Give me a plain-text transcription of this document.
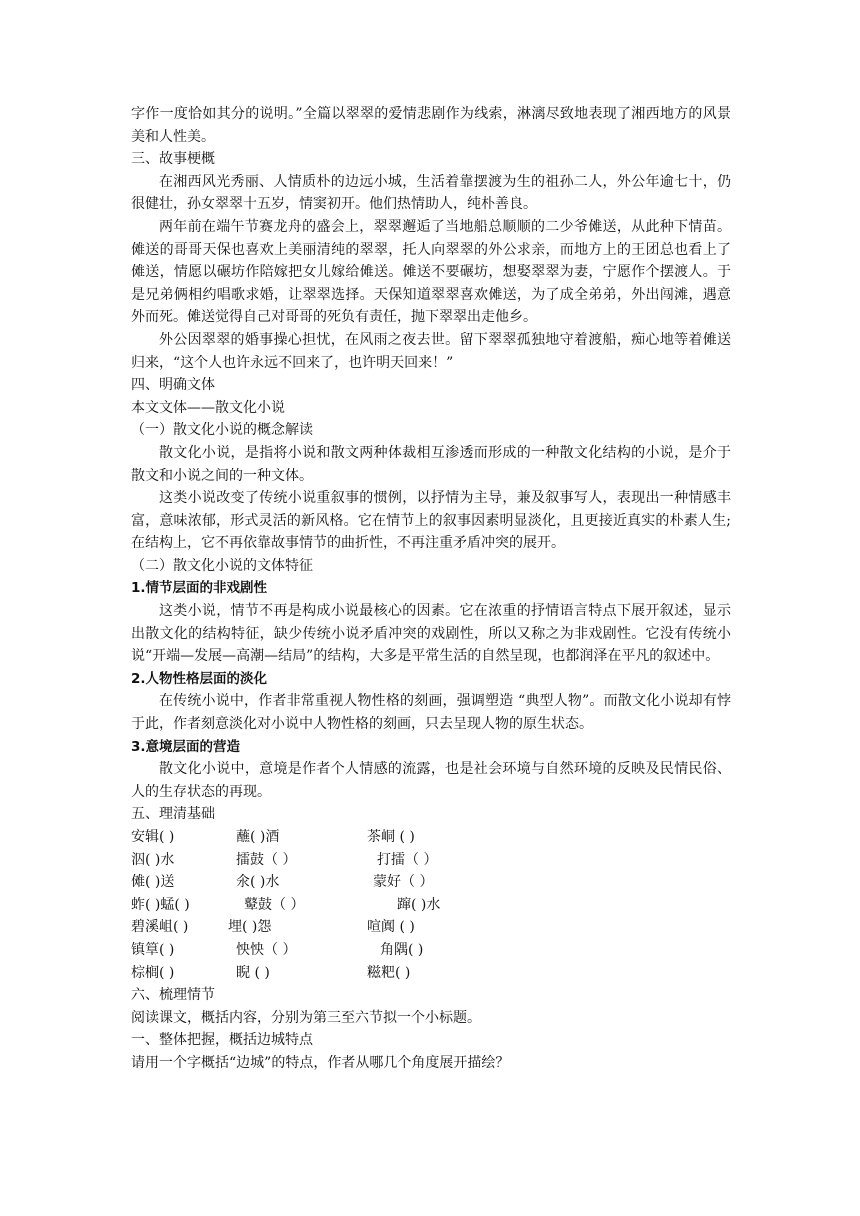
字作一度恰如其分的说明。”全篇以翠翠的爱情悲剧作为线索，淋漓尽致地表现了湘西地方的风景美和人性美。

三、故事梗概

在湘西风光秀丽、人情质朴的边远小城，生活着靠摆渡为生的祖孙二人，外公年逾七十，仍很健壮，孙女翠翠十五岁，情窦初开。他们热情助人，纯朴善良。

两年前在端午节赛龙舟的盛会上，翠翠邂逅了当地船总顺顺的二少爷傩送，从此种下情苗。傩送的哥哥天保也喜欢上美丽清纯的翠翠，托人向翠翠的外公求亲，而地方上的王团总也看上了傩送，情愿以碾坊作陪嫁把女儿嫁给傩送。傩送不要碾坊，想娶翠翠为妻，宁愿作个摆渡人。于是兄弟俩相约唱歌求婚，让翠翠选择。天保知道翠翠喜欢傩送，为了成全弟弟，外出闯滩，遇意外而死。傩送觉得自己对哥哥的死负有责任，抛下翠翠出走他乡。

外公因翠翠的婚事操心担忧，在风雨之夜去世。留下翠翠孤独地守着渡船，痴心地等着傩送归来，“这个人也许永远不回来了，也许明天回来！”

四、明确文体

本文文体——散文化小说

（一）散文化小说的概念解读

散文化小说，是指将小说和散文两种体裁相互渗透而形成的一种散文化结构的小说，是介于散文和小说之间的一种文体。

这类小说改变了传统小说重叙事的惯例，以抒情为主导，兼及叙事写人，表现出一种情感丰富，意味浓郁，形式灵活的新风格。它在情节上的叙事因素明显淡化，且更接近真实的朴素人生;在结构上，它不再依靠故事情节的曲折性，不再注重矛盾冲突的展开。

（二）散文化小说的文体特征

1.情节层面的非戏剧性

这类小说，情节不再是构成小说最核心的因素。它在浓重的抒情语言特点下展开叙述，显示出散文化的结构特征，缺少传统小说矛盾冲突的戏剧性，所以又称之为非戏剧性。它没有传统小说“开端—发展—高潮—结局”的结构，大多是平常生活的自然呈现，也都润泽在平凡的叙述中。

2.人物性格层面的淡化

在传统小说中，作者非常重视人物性格的刻画，强调塑造 “典型人物”。而散文化小说却有悖于此，作者刻意淡化对小说中人物性格的刻画，只去呈现人物的原生状态。

3.意境层面的营造

散文化小说中，意境是作者个人情感的流露，也是社会环境与自然环境的反映及民情民俗、人的生存状态的再现。

五、理清基础

安辑( )	蘸( )酒	茶峒 ( )
泅( )水	擂鼓（ ）	打擂（ ）
傩( )送	氽( )水	蒙好（ ）
蚱( )蜢( )	鼙鼓（ ）	蹿( )水
碧溪岨( )	埋( )怨	喧阗 ( )
镇筸( )	怏怏（ ）	角隅( )
棕榈( )	睨 ( )	糍粑( )

六、梳理情节

阅读课文，概括内容，分别为第三至六节拟一个小标题。

一、整体把握，概括边城特点

请用一个字概括“边城”的特点，作者从哪几个角度展开描绘？
